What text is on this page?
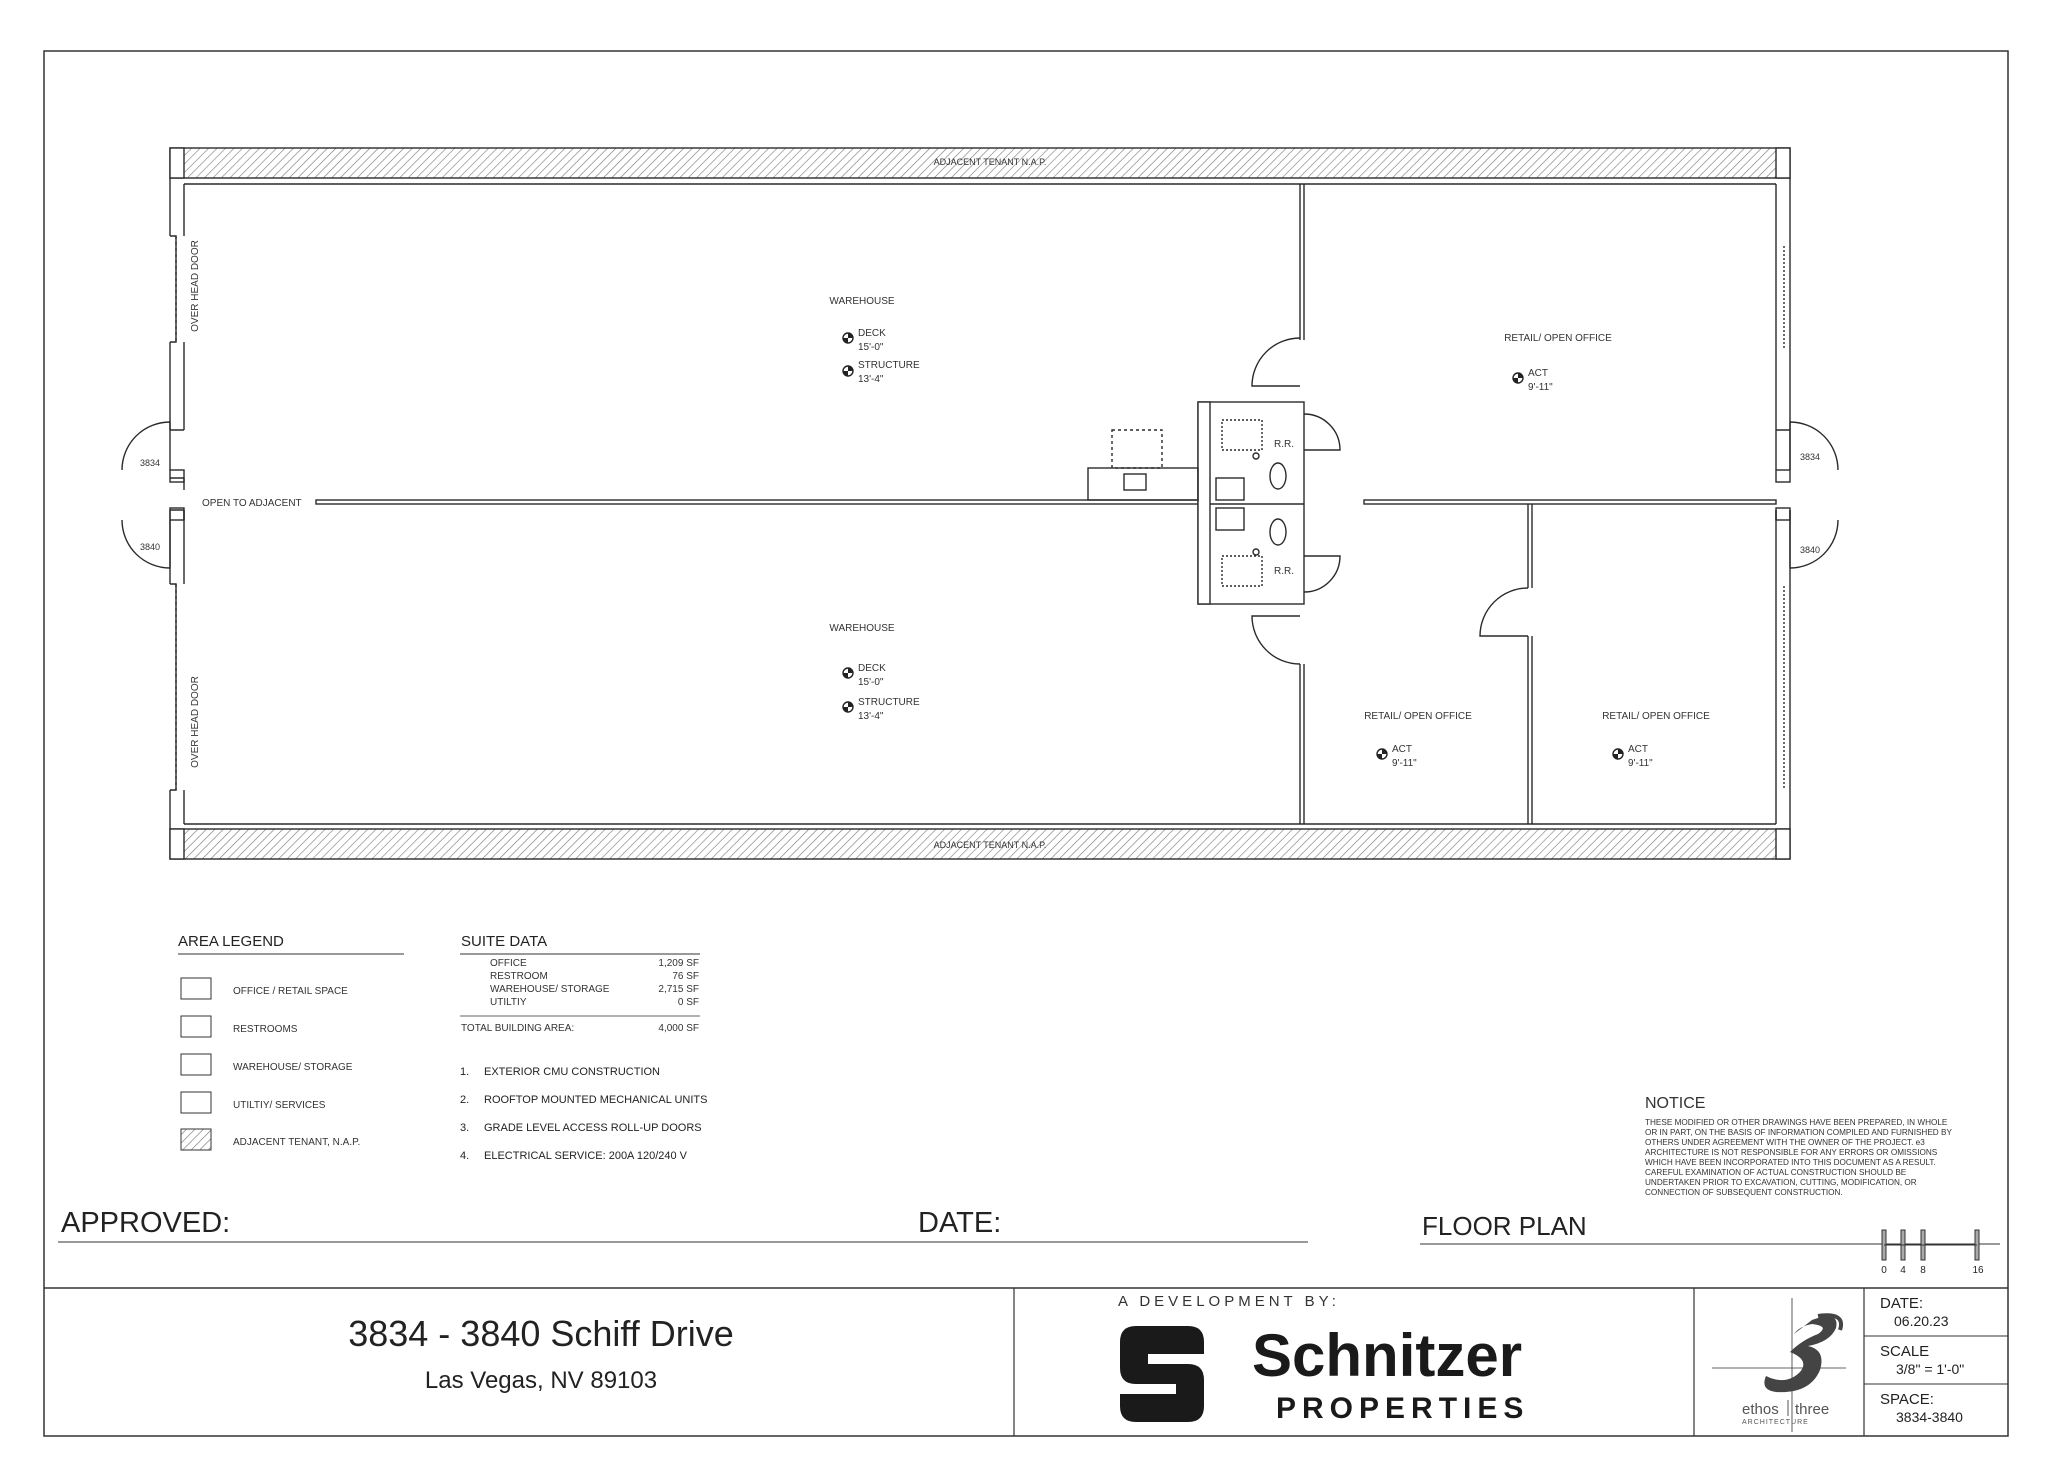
ADJACENT TENANT N.A.P.
ADJACENT TENANT N.A.P.
OVER HEAD DOOR
OVER HEAD DOOR
OPEN TO ADJACENT
3834
3840
3834
3840
R.R.
R.R.
WAREHOUSE
DECK
15'-0"
STRUCTURE
13'-4"
WAREHOUSE
DECK
15'-0"
STRUCTURE
13'-4"
RETAIL/ OPEN OFFICE
ACT
9'-11"
RETAIL/ OPEN OFFICE
ACT
9'-11"
RETAIL/ OPEN OFFICE
ACT
9'-11"
AREA LEGEND
OFFICE / RETAIL SPACE
RESTROOMS
WAREHOUSE/ STORAGE
UTILTIY/ SERVICES
ADJACENT TENANT, N.A.P.
SUITE DATA
OFFICE	1,209 SF
RESTROOM	76 SF
WAREHOUSE/ STORAGE	2,715 SF
UTILTIY	0 SF
TOTAL BUILDING AREA:	4,000 SF
1. EXTERIOR CMU CONSTRUCTION
2. ROOFTOP MOUNTED MECHANICAL UNITS
3. GRADE LEVEL ACCESS ROLL-UP DOORS
4. ELECTRICAL SERVICE: 200A 120/240 V
NOTICE
THESE MODIFIED OR OTHER DRAWINGS HAVE BEEN PREPARED, IN WHOLE
OR IN PART, ON THE BASIS OF INFORMATION COMPILED AND FURNISHED BY
OTHERS UNDER AGREEMENT WITH THE OWNER OF THE PROJECT. e3
ARCHITECTURE IS NOT RESPONSIBLE FOR ANY ERRORS OR OMISSIONS
WHICH HAVE BEEN INCORPORATED INTO THIS DOCUMENT AS A RESULT.
CAREFUL EXAMINATION OF ACTUAL CONSTRUCTION SHOULD BE
UNDERTAKEN PRIOR TO EXCAVATION, CUTTING, MODIFICATION, OR
CONNECTION OF SUBSEQUENT CONSTRUCTION.
APPROVED:	DATE:	FLOOR PLAN
0 4 8	16
3834 - 3840 Schiff Drive
Las Vegas, NV 89103
A DEVELOPMENT BY:
Schnitzer
PROPERTIES	ethos three
ARCHITECTURE
DATE:
06.20.23
SCALE
3/8" = 1'-0"
SPACE:
3834-3840
